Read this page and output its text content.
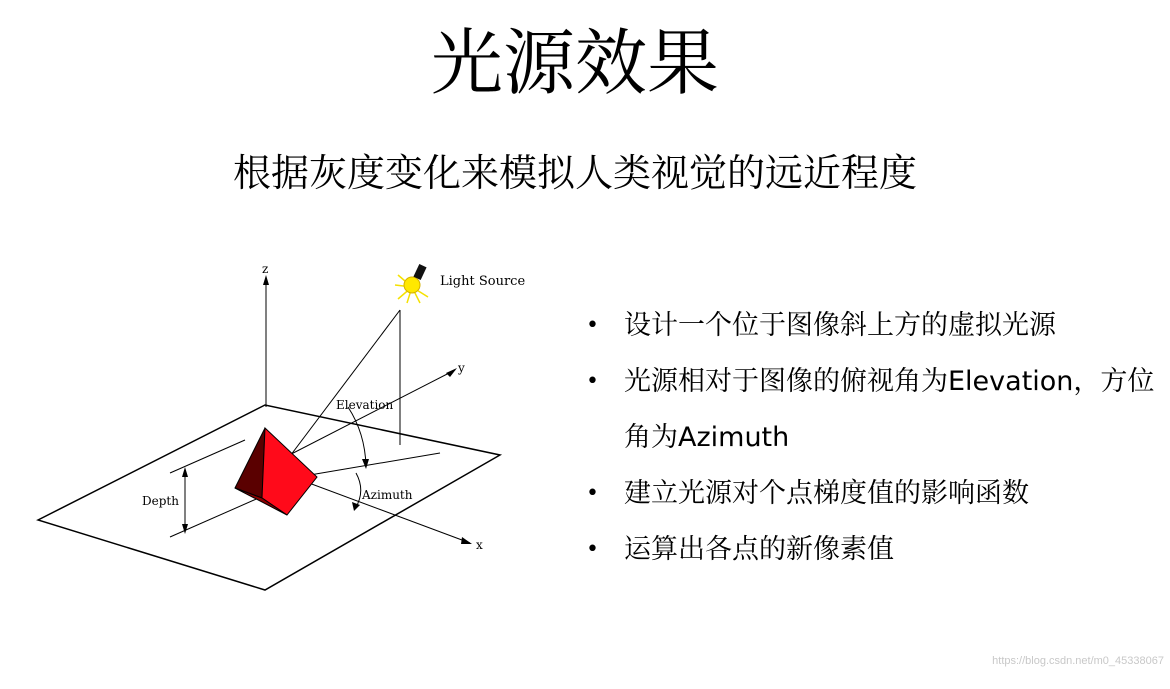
光源效果
根据灰度变化来模拟人类视觉的远近程度
z
x
y
Elevation
Azimuth
Depth
Light Source
• 设计一个位于图像斜上方的虚拟光源
• 光源相对于图像的俯视角为Elevation，方位角为Azimuth
• 建立光源对个点梯度值的影响函数
• 运算出各点的新像素值
https://blog.csdn.net/m0_45338067
